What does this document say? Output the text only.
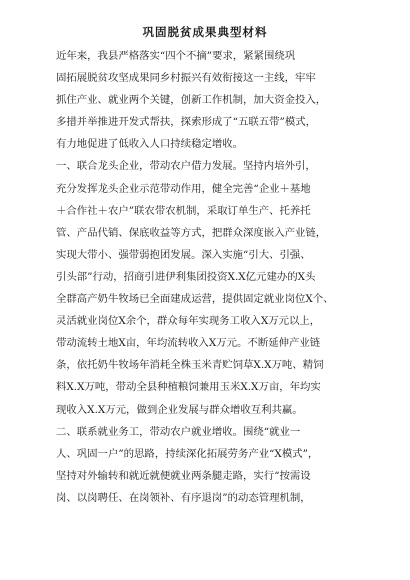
巩固脱贫成果典型材料
近年来，我县严格落实“四个不摘”要求，紧紧围绕巩
固拓展脱贫攻坚成果同乡村振兴有效衔接这一主线，牢牢
抓住产业、就业两个关键，创新工作机制，加大资金投入，
多措并举推进开发式帮扶，探索形成了“五联五带”模式，
有力地促进了低收入人口持续稳定增收。
一、联合龙头企业，带动农户借力发展。坚持内培外引，
充分发挥龙头企业示范带动作用，健全完善“企业＋基地
＋合作社＋农户”联农带农机制，采取订单生产、托养托
管、产品代销、保底收益等方式，把群众深度嵌入产业链，
实现大带小、强带弱抱团发展。深入实施“引大、引强、
引头部”行动，招商引进伊利集团投资X.X亿元建办的X头
全群高产奶牛牧场已全面建成运营，提供固定就业岗位X个、
灵活就业岗位X余个，群众每年实现务工收入X万元以上，
带动流转土地X亩，年均流转收入X万元。不断延伸产业链
条，依托奶牛牧场年消耗全株玉米青贮饲草X.X万吨、精饲
料X.X万吨，带动全县种植粮饲兼用玉米X.X万亩，年均实
现收入X.X万元，做到企业发展与群众增收互利共赢。
二、联系就业务工，带动农户就业增收。围绕“就业一
人、巩固一户”的思路，持续深化拓展劳务产业“X模式”，
坚持对外输转和就近就便就业两条腿走路，实行“按需设
岗、以岗聘任、在岗领补、有序退岗”的动态管理机制，
